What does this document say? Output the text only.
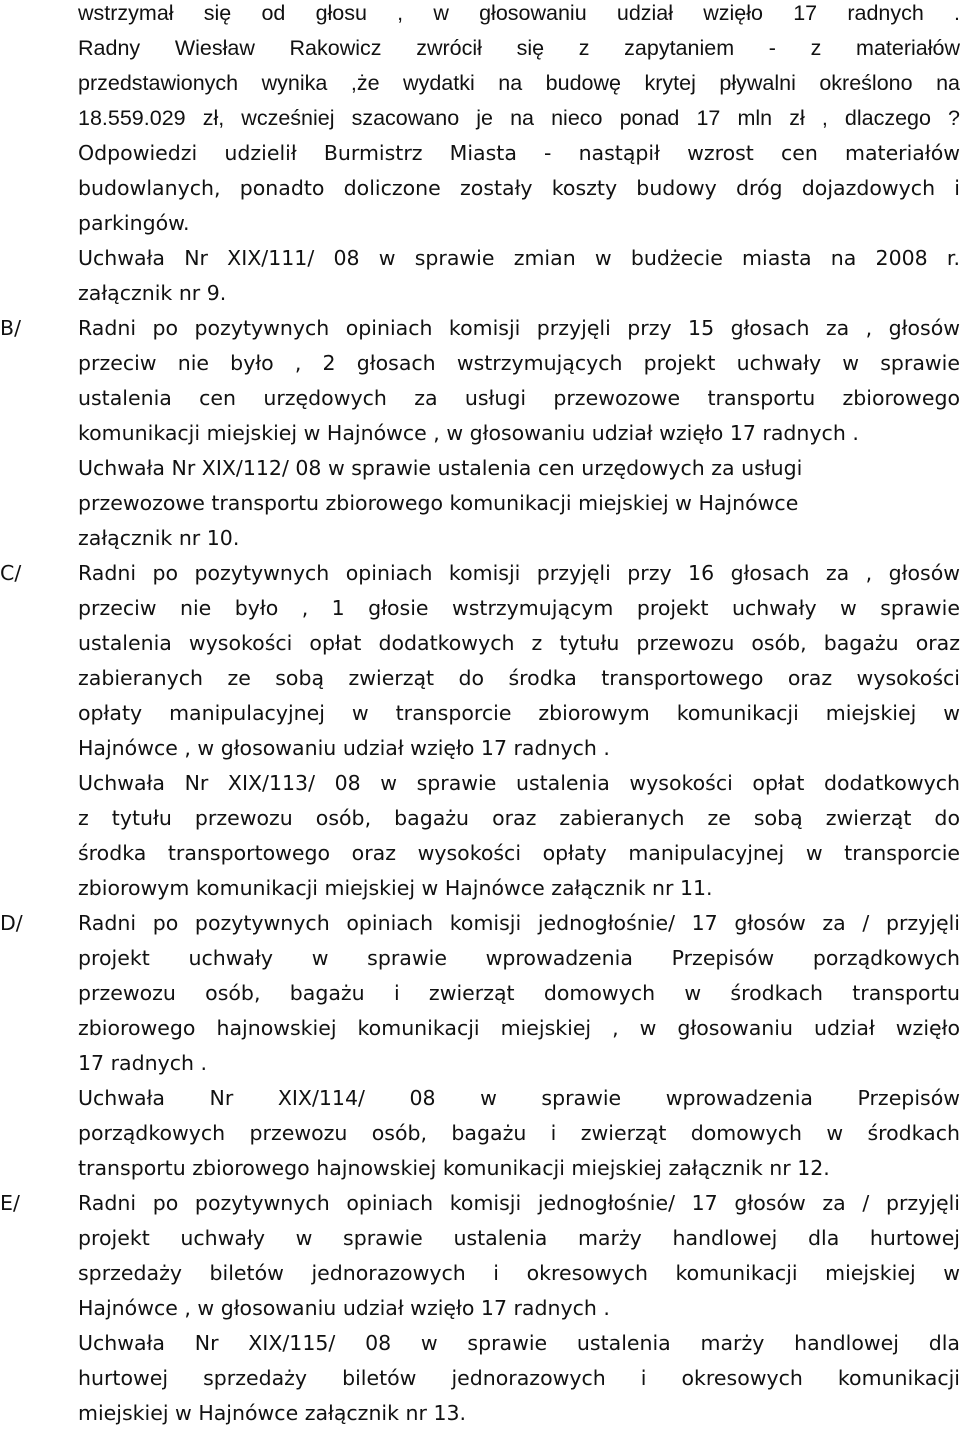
wstrzymał się od głosu , w głosowaniu udział wzięło 17 radnych .
Radny Wiesław Rakowicz zwrócił się z zapytaniem - z materiałów
przedstawionych wynika ,że wydatki na budowę krytej pływalni określono na
18.559.029 zł, wcześniej szacowano je na nieco ponad 17 mln zł , dlaczego ?
Odpowiedzi udzielił Burmistrz Miasta - nastąpił wzrost cen materiałów
budowlanych, ponadto doliczone zostały koszty budowy dróg dojazdowych i
parkingów.
Uchwała Nr XIX/111/ 08 w sprawie zmian w budżecie miasta na 2008 r.
załącznik nr 9.
B/	Radni po pozytywnych opiniach komisji przyjęli przy 15 głosach za , głosów
przeciw nie było , 2 głosach wstrzymujących projekt uchwały w sprawie
ustalenia cen urzędowych za usługi przewozowe transportu zbiorowego
komunikacji miejskiej w Hajnówce , w głosowaniu udział wzięło 17 radnych .
Uchwała Nr XIX/112/ 08 w sprawie ustalenia cen urzędowych za usługi
przewozowe transportu zbiorowego komunikacji miejskiej w Hajnówce
załącznik nr 10.
C/	Radni po pozytywnych opiniach komisji przyjęli przy 16 głosach za , głosów
przeciw nie było , 1 głosie wstrzymującym projekt uchwały w sprawie
ustalenia wysokości opłat dodatkowych z tytułu przewozu osób, bagażu oraz
zabieranych ze sobą zwierząt do środka transportowego oraz wysokości
opłaty manipulacyjnej w transporcie zbiorowym komunikacji miejskiej w
Hajnówce , w głosowaniu udział wzięło 17 radnych .
Uchwała Nr XIX/113/ 08 w sprawie ustalenia wysokości opłat dodatkowych
z tytułu przewozu osób, bagażu oraz zabieranych ze sobą zwierząt do
środka transportowego oraz wysokości opłaty manipulacyjnej w transporcie
zbiorowym komunikacji miejskiej w Hajnówce załącznik nr 11.
D/	Radni po pozytywnych opiniach komisji jednogłośnie/ 17 głosów za / przyjęli
projekt uchwały w sprawie wprowadzenia Przepisów porządkowych
przewozu osób, bagażu i zwierząt domowych w środkach transportu
zbiorowego hajnowskiej komunikacji miejskiej , w głosowaniu udział wzięło
17 radnych .
Uchwała Nr XIX/114/ 08 w sprawie wprowadzenia Przepisów
porządkowych przewozu osób, bagażu i zwierząt domowych w środkach
transportu zbiorowego hajnowskiej komunikacji miejskiej załącznik nr 12.
E/	Radni po pozytywnych opiniach komisji jednogłośnie/ 17 głosów za / przyjęli
projekt uchwały w sprawie ustalenia marży handlowej dla hurtowej
sprzedaży biletów jednorazowych i okresowych komunikacji miejskiej w
Hajnówce , w głosowaniu udział wzięło 17 radnych .
Uchwała Nr XIX/115/ 08 w sprawie ustalenia marży handlowej dla
hurtowej sprzedaży biletów jednorazowych i okresowych komunikacji
miejskiej w Hajnówce załącznik nr 13.
